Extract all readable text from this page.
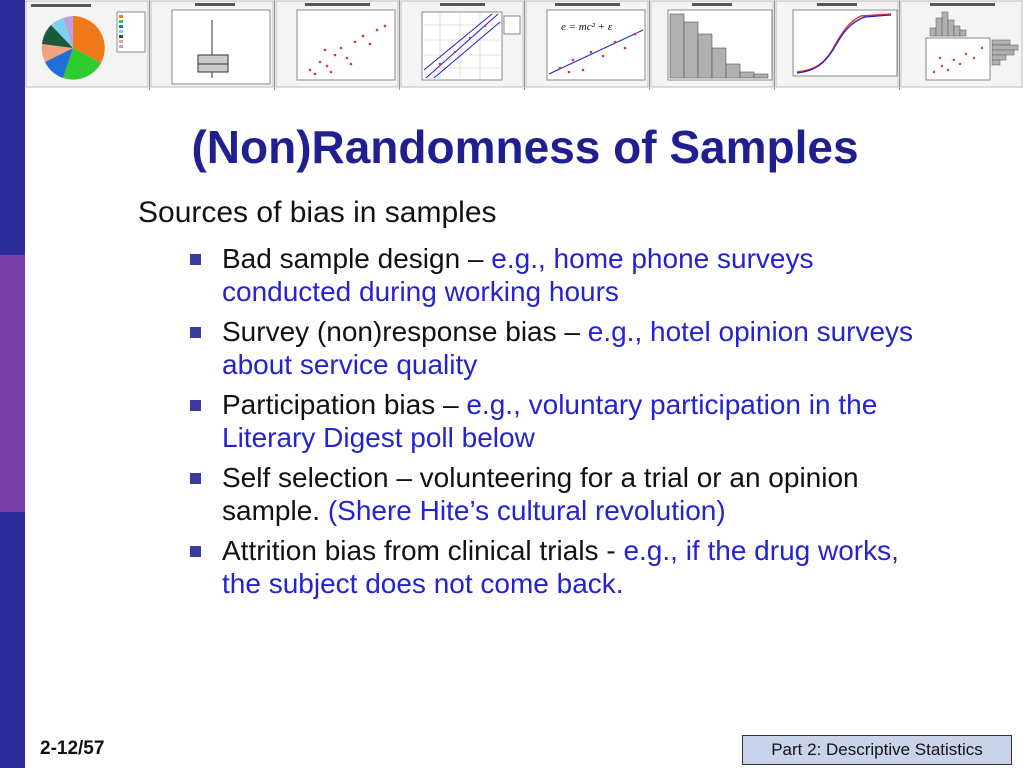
e = mc² + ε
(Non)Randomness of Samples
Sources of bias in samples
Bad sample design – e.g., home phone surveys conducted during working hours
Survey (non)response bias – e.g., hotel opinion surveys about service quality
Participation bias – e.g., voluntary participation in the Literary Digest poll below
Self selection – volunteering for a trial or an opinion sample. (Shere Hite’s cultural revolution)
Attrition bias from clinical trials - e.g., if the drug works, the subject does not come back.
2-12/57	Part 2: Descriptive Statistics
